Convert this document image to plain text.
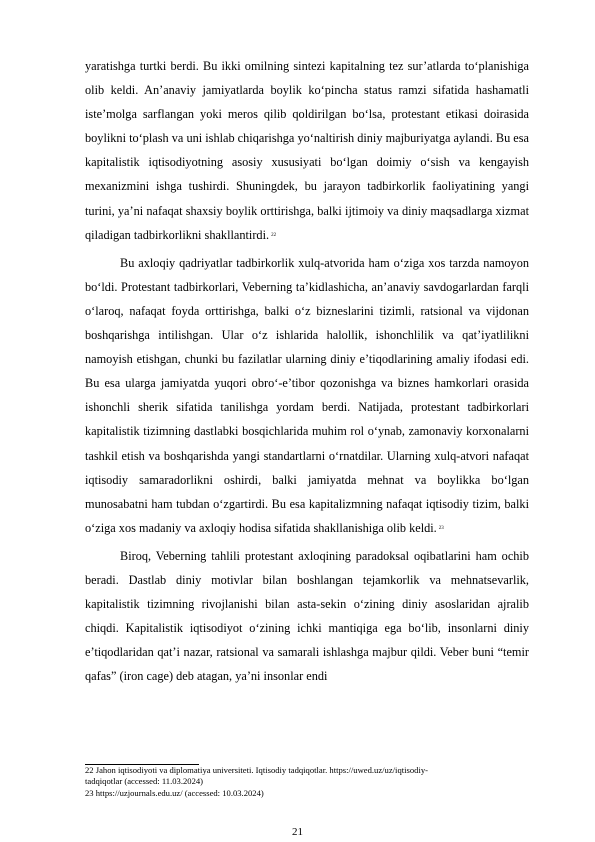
yaratishga turtki berdi. Bu ikki omilning sintezi kapitalning tez sur’atlarda to‘planishiga olib keldi. An’anaviy jamiyatlarda boylik ko‘pincha status ramzi sifatida hashamatli iste’molga sarflangan yoki meros qilib qoldirilgan bo‘lsa, protestant etikasi doirasida boylikni to‘plash va uni ishlab chiqarishga yo‘naltirish diniy majburiyatga aylandi. Bu esa kapitalistik iqtisodiyotning asosiy xususiyati bo‘lgan doimiy o‘sish va kengayish mexanizmini ishga tushirdi. Shuningdek, bu jarayon tadbirkorlik faoliyatining yangi turini, ya’ni nafaqat shaxsiy boylik orttirishga, balki ijtimoiy va diniy maqsadlarga xizmat qiladigan tadbirkorlikni shakllantirdi. $^{22}$

Bu axloqiy qadriyatlar tadbirkorlik xulq-atvorida ham o‘ziga xos tarzda namoyon bo‘ldi. Protestant tadbirkorlari, Veberning ta’kidlashicha, an’anaviy savdogarlardan farqli o‘laroq, nafaqat foyda orttirishga, balki o‘z bizneslarini tizimli, ratsional va vijdonan boshqarishga intilishgan. Ular o‘z ishlarida halollik, ishonchlilik va qat’iyatlilikni namoyish etishgan, chunki bu fazilatlar ularning diniy e’tiqodlarining amaliy ifodasi edi. Bu esa ularga jamiyatda yuqori obro‘-e’tibor qozonishga va biznes hamkorlari orasida ishonchli sherik sifatida tanilishga yordam berdi. Natijada, protestant tadbirkorlari kapitalistik tizimning dastlabki bosqichlarida muhim rol o‘ynab, zamonaviy korxonalarni tashkil etish va boshqarishda yangi standartlarni o‘rnatdilar. Ularning xulq-atvori nafaqat iqtisodiy samaradorlikni oshirdi, balki jamiyatda mehnat va boylikka bo‘lgan munosabatni ham tubdan o‘zgartirdi. Bu esa kapitalizmning nafaqat iqtisodiy tizim, balki o‘ziga xos madaniy va axloqiy hodisa sifatida shakllanishiga olib keldi. $^{23}$

Biroq, Veberning tahlili protestant axloqining paradoksal oqibatlarini ham ochib beradi. Dastlab diniy motivlar bilan boshlangan tejamkorlik va mehnatsevarlik, kapitalistik tizimning rivojlanishi bilan asta-sekin o‘zining diniy asoslaridan ajralib chiqdi. Kapitalistik iqtisodiyot o‘zining ichki mantiqiga ega bo‘lib, insonlarni diniy e’tiqodlaridan qat’i nazar, ratsional va samarali ishlashga majbur qildi. Veber buni “temir qafas” (iron cage) deb atagan, ya’ni insonlar endi

22 Jahon iqtisodiyoti va diplomatiya universiteti. Iqtisodiy tadqiqotlar. https://uwed.uz/uz/iqtisodiy-
tadqiqotlar (accessed: 11.03.2024)
23 https://uzjournals.edu.uz/ (accessed: 10.03.2024)
21
